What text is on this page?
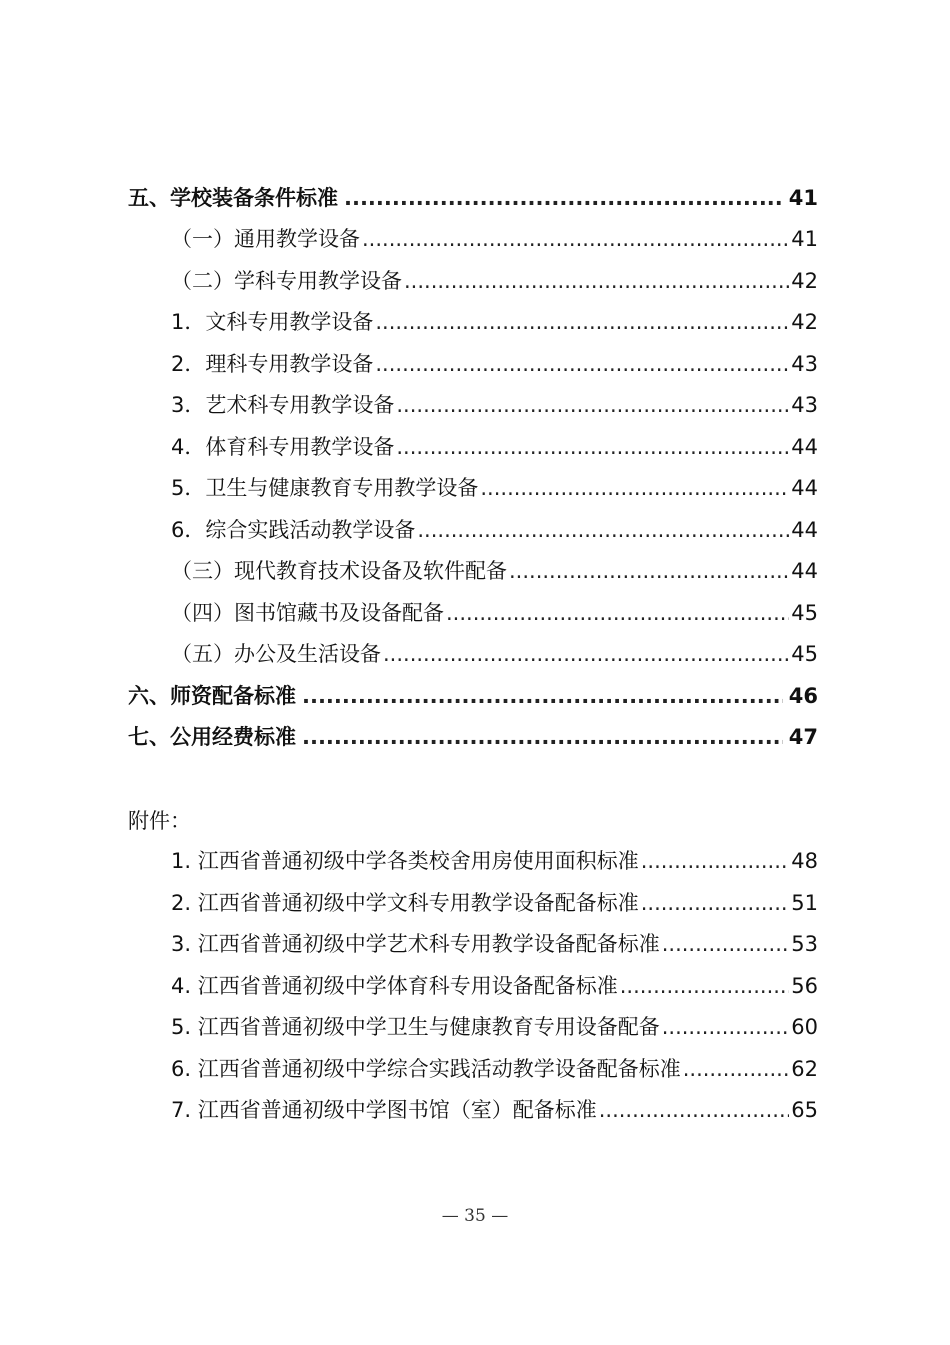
五、学校装备条件标准 .....	41
（一）通用教学设备 .....	41
（二）学科专用教学设备 .....	42
1．文科专用教学设备 .....	42
2．理科专用教学设备 .....	43
3．艺术科专用教学设备 .....	43
4．体育科专用教学设备 .....	44
5．卫生与健康教育专用教学设备 .....	44
6．综合实践活动教学设备 .....	44
（三）现代教育技术设备及软件配备 .....	44
（四）图书馆藏书及设备配备 .....	45
（五）办公及生活设备 .....	45
六、师资配备标准 .....	46
七、公用经费标准 .....	47
附件：
1. 江西省普通初级中学各类校舍用房使用面积标准 .....	48
2. 江西省普通初级中学文科专用教学设备配备标准 .....	51
3. 江西省普通初级中学艺术科专用教学设备配备标准 .....	53
4. 江西省普通初级中学体育科专用设备配备标准 .....	56
5. 江西省普通初级中学卫生与健康教育专用设备配备 .....	60
6. 江西省普通初级中学综合实践活动教学设备配备标准 .....	62
7. 江西省普通初级中学图书馆（室）配备标准 .....	65
— 35 —
